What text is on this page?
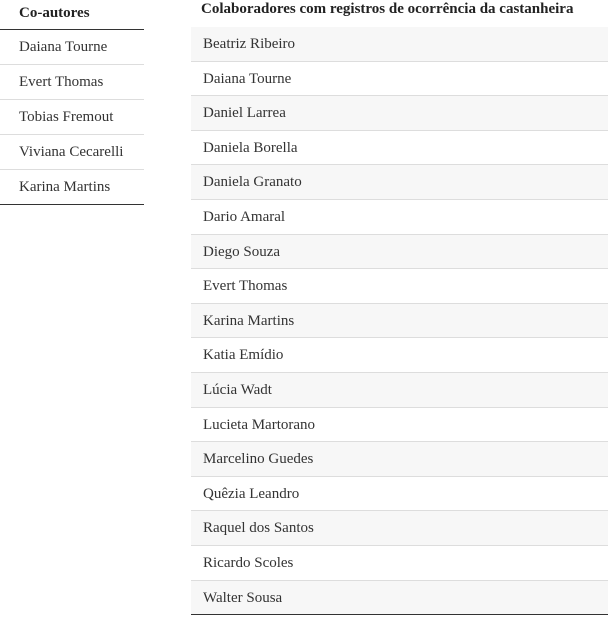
Co-autores
Daiana Tourne
Evert Thomas
Tobias Fremout
Viviana Cecarelli
Karina Martins
Colaboradores com registros de ocorrência da castanheira
Beatriz Ribeiro
Daiana Tourne
Daniel Larrea
Daniela Borella
Daniela Granato
Dario Amaral
Diego Souza
Evert Thomas
Karina Martins
Katia Emídio
Lúcia Wadt
Lucieta Martorano
Marcelino Guedes
Quêzia Leandro
Raquel dos Santos
Ricardo Scoles
Walter Sousa
